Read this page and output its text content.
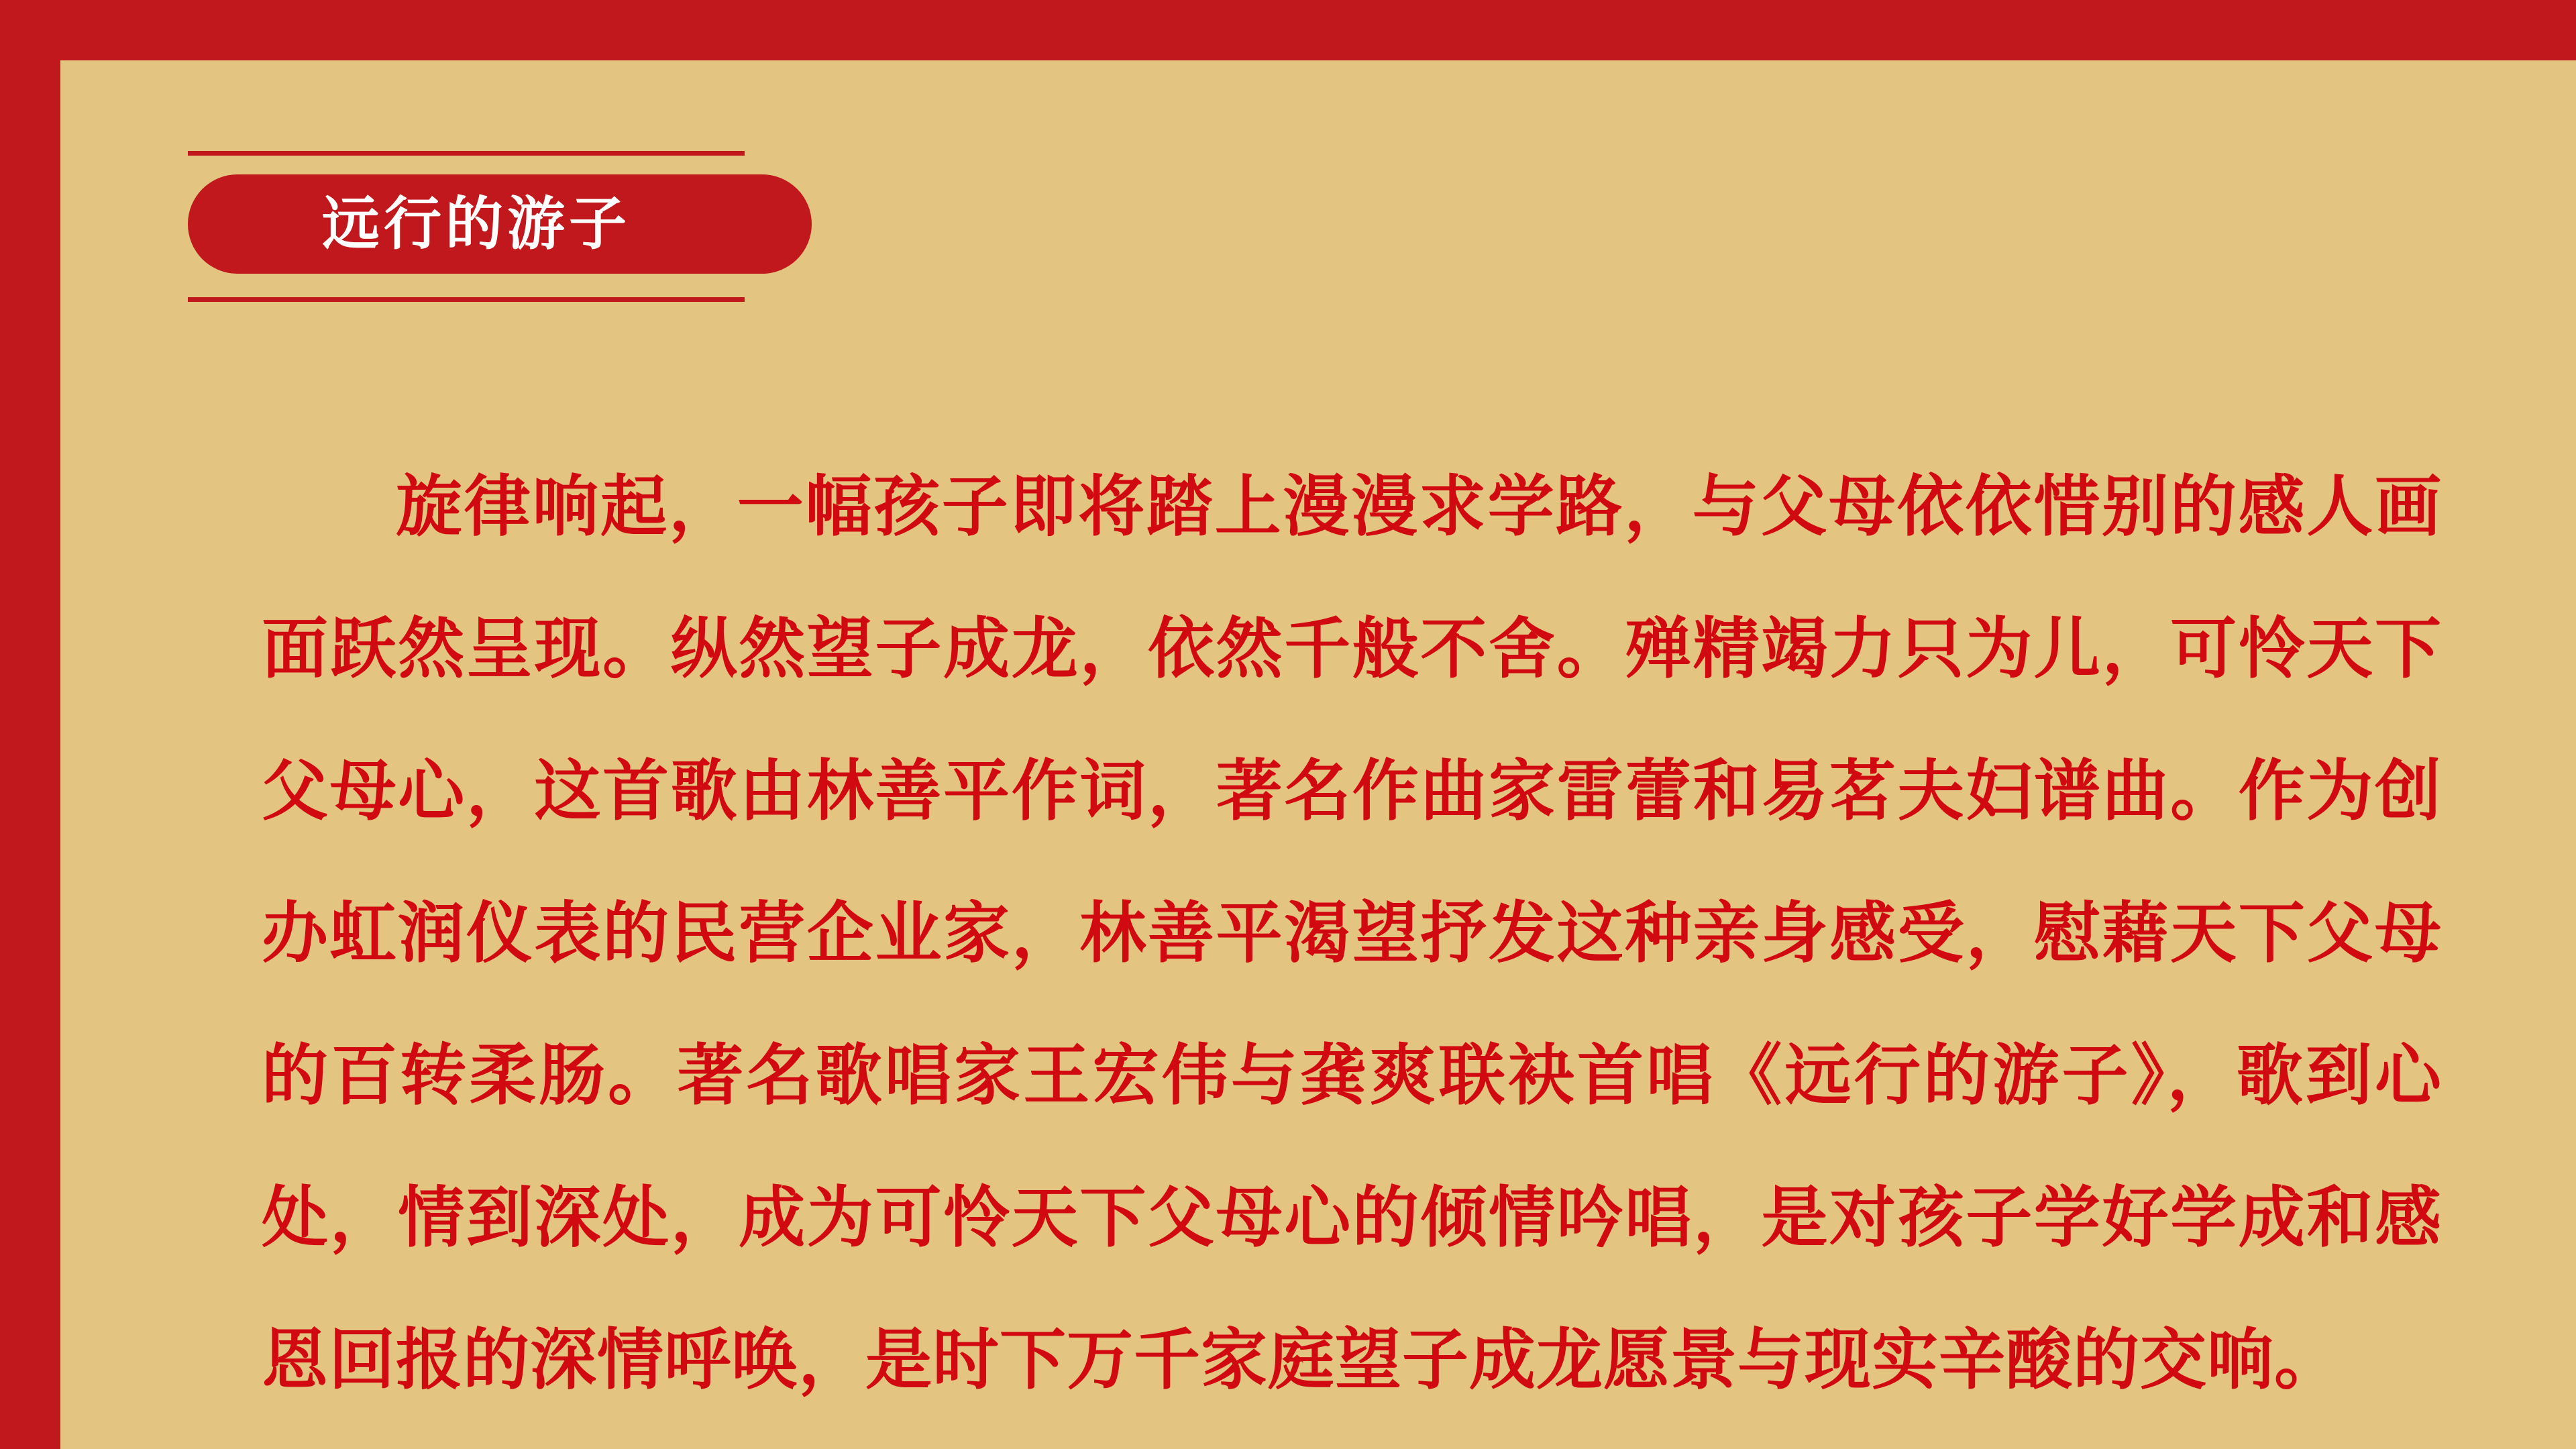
远行的游子

旋律响起，一幅孩子即将踏上漫漫求学路，与父母依依惜别的感人画面跃然呈现。纵然望子成龙，依然千般不舍。殚精竭力只为儿，可怜天下父母心，这首歌由林善平作词，著名作曲家雷蕾和易茗夫妇谱曲。作为创办虹润仪表的民营企业家，林善平渴望抒发这种亲身感受，慰藉天下父母的百转柔肠。著名歌唱家王宏伟与龚爽联袂首唱《远行的游子》，歌到心处，情到深处，成为可怜天下父母心的倾情吟唱，是对孩子学好学成和感恩回报的深情呼唤，是时下万千家庭望子成龙愿景与现实辛酸的交响。
